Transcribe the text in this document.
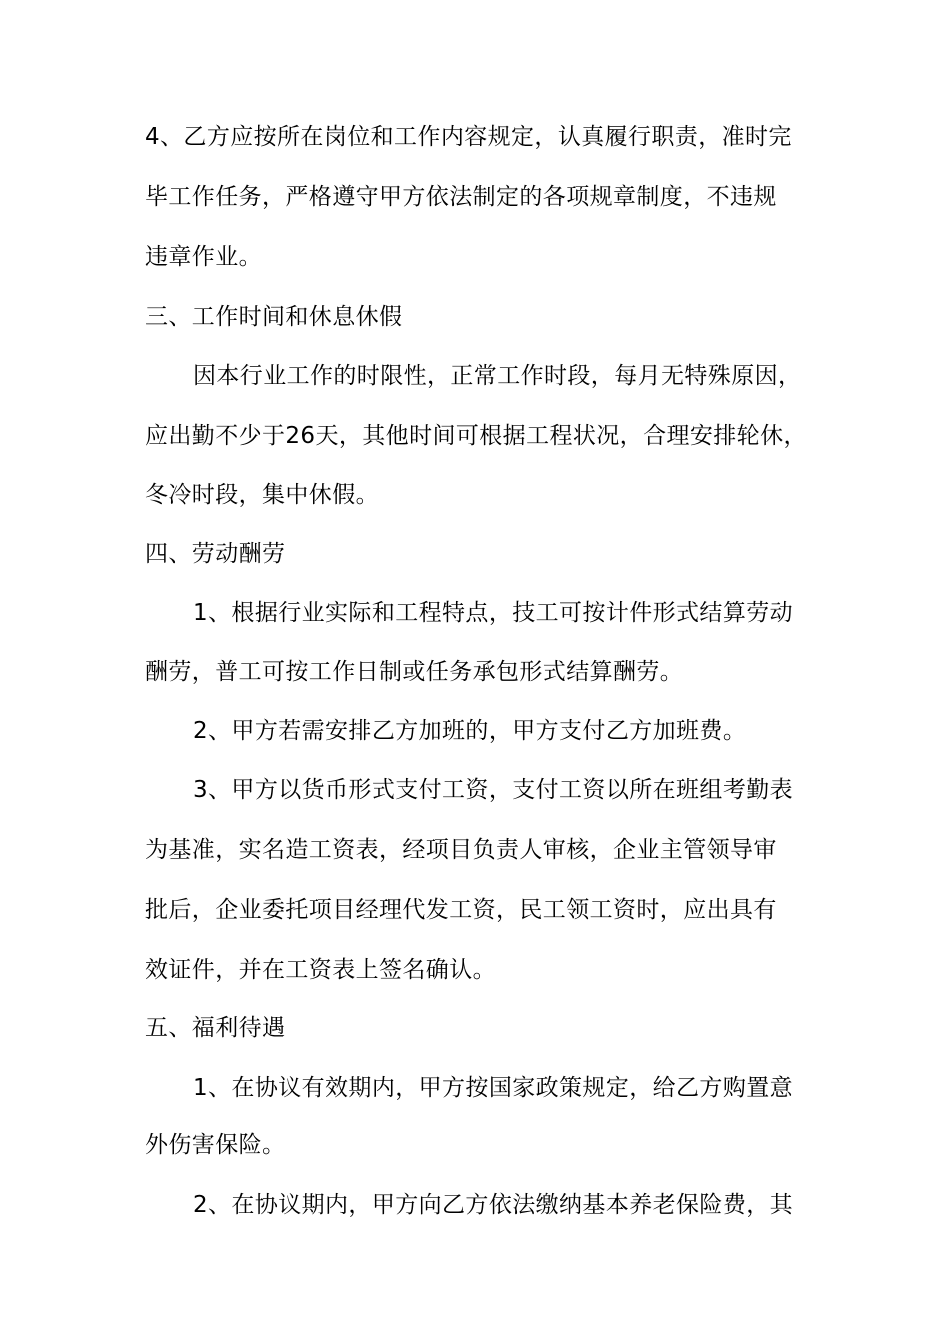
4、乙方应按所在岗位和工作内容规定，认真履行职责，准时完
毕工作任务，严格遵守甲方依法制定的各项规章制度，不违规
违章作业。
三、工作时间和休息休假
因本行业工作的时限性，正常工作时段，每月无特殊原因，
应出勤不少于26天，其他时间可根据工程状况，合理安排轮休，
冬冷时段，集中休假。
四、劳动酬劳
1、根据行业实际和工程特点，技工可按计件形式结算劳动
酬劳，普工可按工作日制或任务承包形式结算酬劳。
2、甲方若需安排乙方加班的，甲方支付乙方加班费。
3、甲方以货币形式支付工资，支付工资以所在班组考勤表
为基准，实名造工资表，经项目负责人审核，企业主管领导审
批后，企业委托项目经理代发工资，民工领工资时，应出具有
效证件，并在工资表上签名确认。
五、福利待遇
1、在协议有效期内，甲方按国家政策规定，给乙方购置意
外伤害保险。
2、在协议期内，甲方向乙方依法缴纳基本养老保险费，其
